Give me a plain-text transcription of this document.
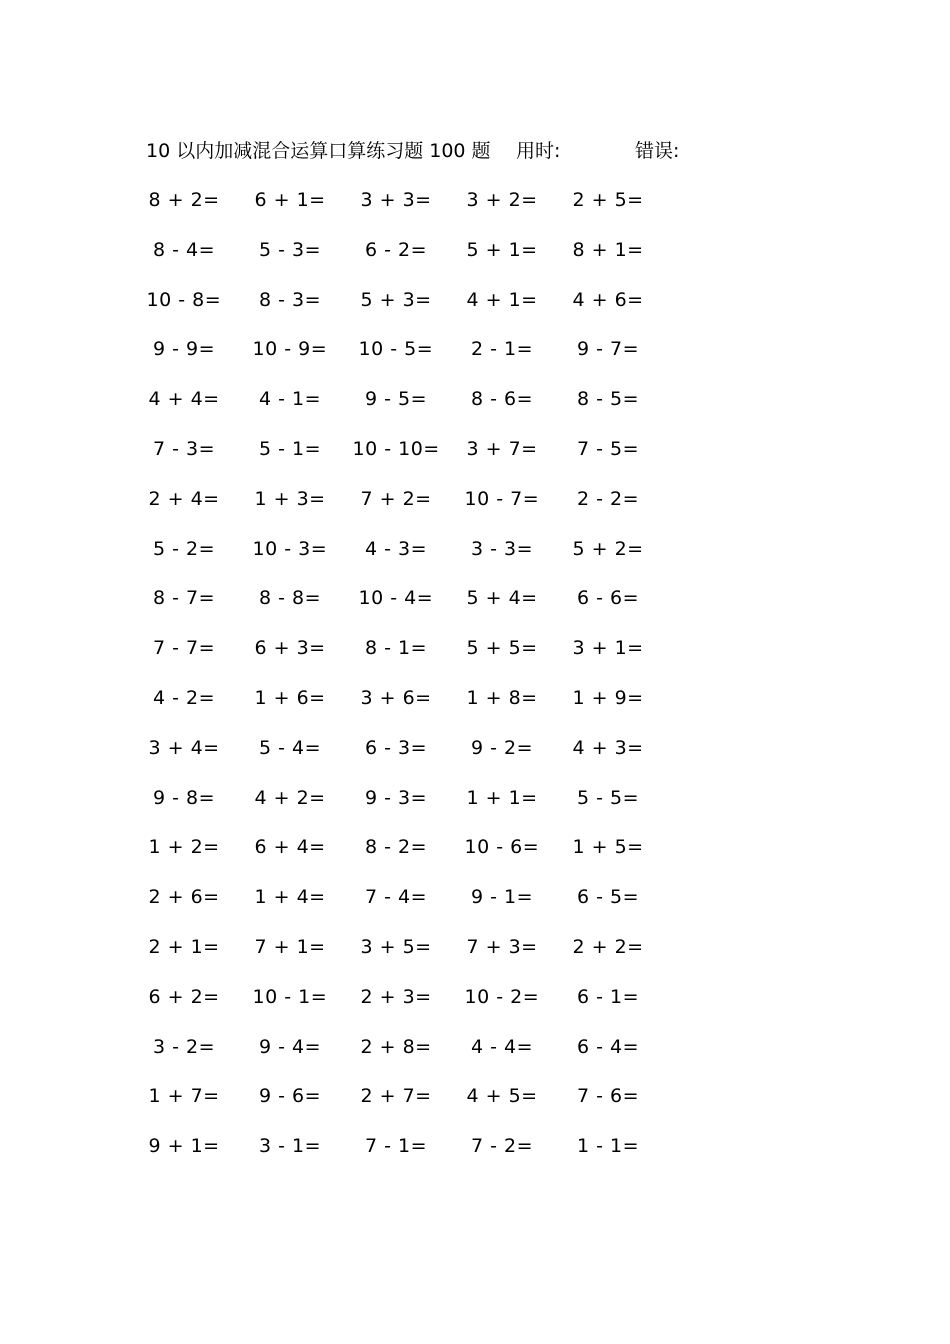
10 以内加减混合运算口算练习题 100 题 用时:	错误:
8 + 2= 6 + 1= 3 + 3= 3 + 2= 2 + 5=
8 - 4= 5 - 3= 6 - 2= 5 + 1= 8 + 1=
10 - 8= 8 - 3= 5 + 3= 4 + 1= 4 + 6=
9 - 9= 10 - 9= 10 - 5= 2 - 1= 9 - 7=
4 + 4= 4 - 1= 9 - 5= 8 - 6= 8 - 5=
7 - 3= 5 - 1= 10 - 10= 3 + 7= 7 - 5=
2 + 4= 1 + 3= 7 + 2= 10 - 7= 2 - 2=
5 - 2= 10 - 3= 4 - 3= 3 - 3= 5 + 2=
8 - 7= 8 - 8= 10 - 4= 5 + 4= 6 - 6=
7 - 7= 6 + 3= 8 - 1= 5 + 5= 3 + 1=
4 - 2= 1 + 6= 3 + 6= 1 + 8= 1 + 9=
3 + 4= 5 - 4= 6 - 3= 9 - 2= 4 + 3=
9 - 8= 4 + 2= 9 - 3= 1 + 1= 5 - 5=
1 + 2= 6 + 4= 8 - 2= 10 - 6= 1 + 5=
2 + 6= 1 + 4= 7 - 4= 9 - 1= 6 - 5=
2 + 1= 7 + 1= 3 + 5= 7 + 3= 2 + 2=
6 + 2= 10 - 1= 2 + 3= 10 - 2= 6 - 1=
3 - 2= 9 - 4= 2 + 8= 4 - 4= 6 - 4=
1 + 7= 9 - 6= 2 + 7= 4 + 5= 7 - 6=
9 + 1= 3 - 1= 7 - 1= 7 - 2= 1 - 1=
